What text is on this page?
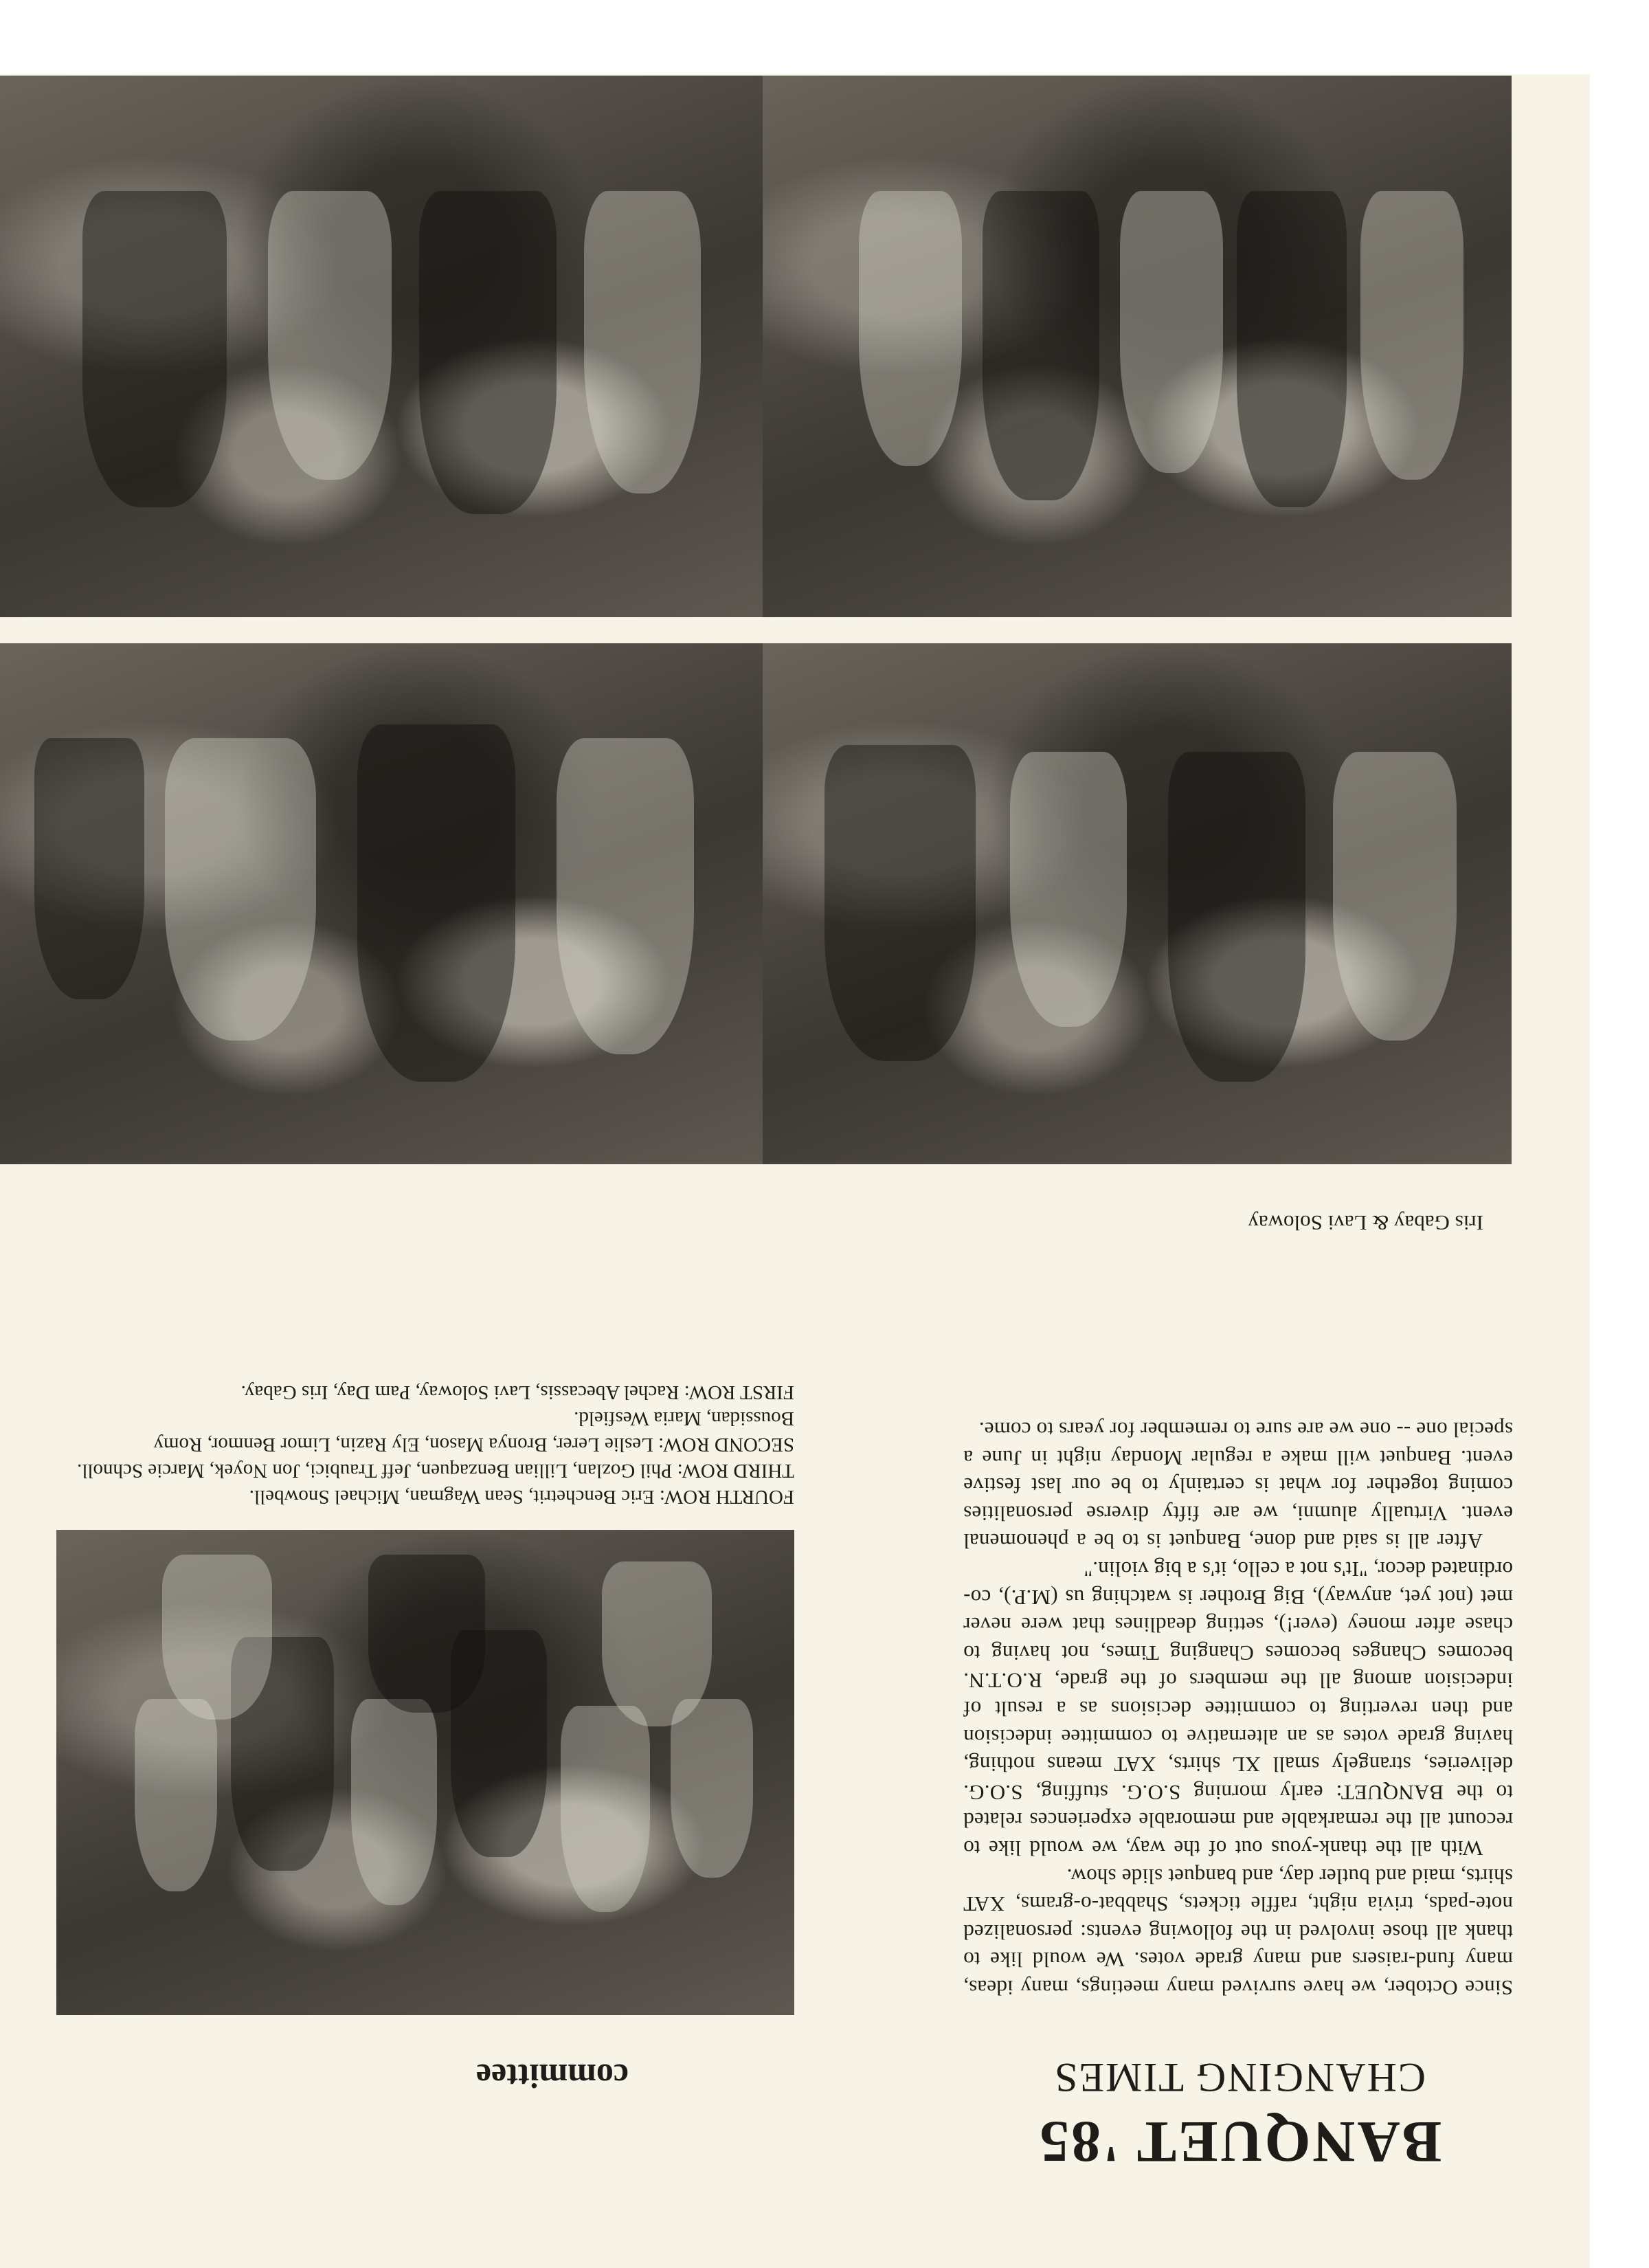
BANQUET '85
CHANGING TIMES
committee

Since October, we have survived many meetings, many ideas, many fund-raisers and many grade votes. We would like to thank all those involved in the following events: personalized note-pads, trivia night, raffle tickets, Shabbat-o-grams, XAT shirts, maid and butler day, and banquet slide show.

With all the thank-yous out of the way, we would like to recount all the remarkable and memorable experiences related to the BANQUET: early morning S.O.G. stuffing, S.O.G. deliveries, strangely small XL shirts, XAT means nothing, having grade votes as an alternative to committee indecision and then reverting to committee decisions as a result of indecision among all the members of the grade, R.O.T.N. becomes Changes becomes Changing Times, not having to chase after money (ever!), setting deadlines that were never met (not yet, anyway), Big Brother is watching us (M.P.), co-ordinated decor, "It's not a cello, it's a big violin."

After all is said and done, Banquet is to be a phenomenal event. Virtually alumni, we are fifty diverse personalities coming together for what is certainly to be our last festive event. Banquet will make a regular Monday night in June a special one -- one we are sure to remember for years to come.

Iris Gabay & Lavi Soloway

FOURTH ROW: Eric Benchetrit, Sean Wagman, Michael Snowbell.

THIRD ROW: Phil Gozlan, Lillian Benzaquen, Jeff Traubici, Jon Noyek, Marcie Schnoll.

SECOND ROW: Leslie Lerer, Bronya Mason, Ely Razin, Limor Benmor, Romy Boussidan, Maria Wesfield.

FIRST ROW: Rachel Abecassis, Lavi Soloway, Pam Day, Iris Gabay.
